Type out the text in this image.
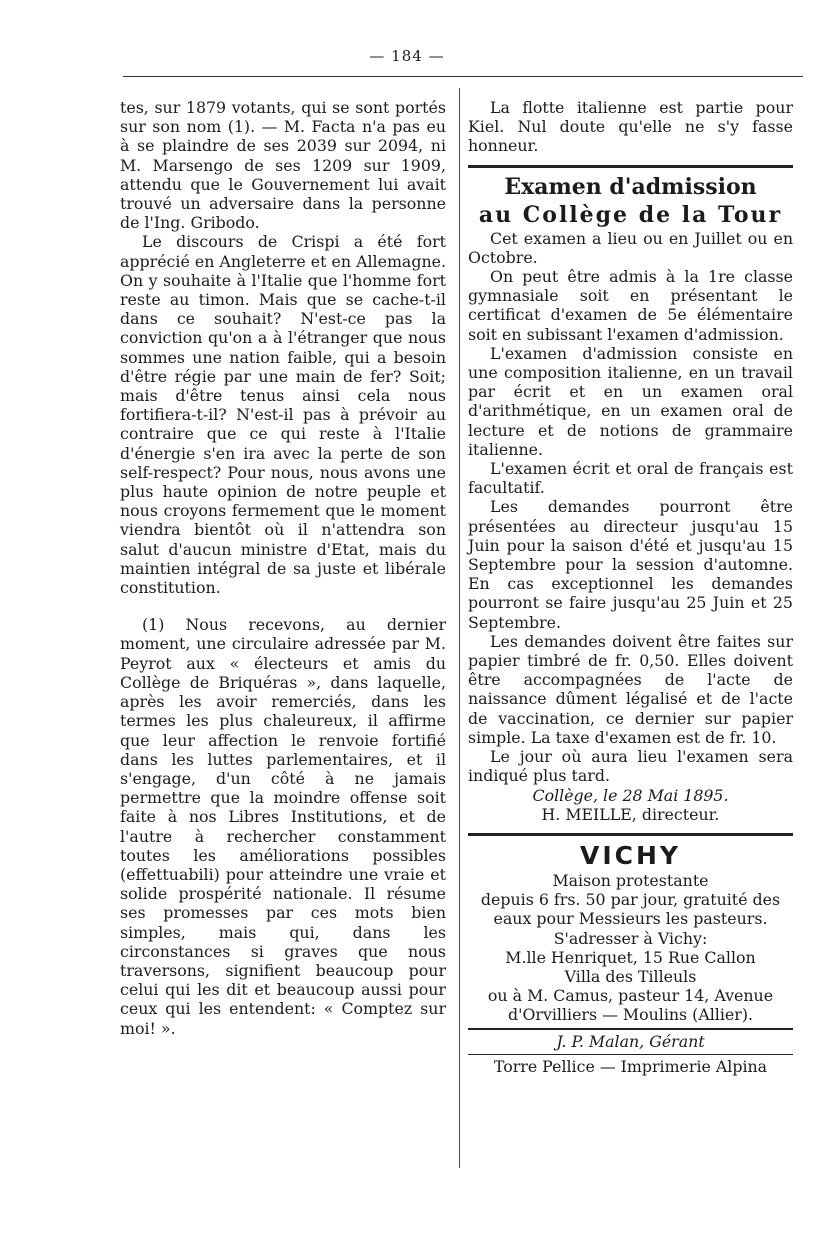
— 184 —

tes, sur 1879 votants, qui se sont portés sur son nom (1). — M. Facta n'a pas eu à se plaindre de ses 2039 sur 2094, ni M. Marsengo de ses 1209 sur 1909, attendu que le Gouvernement lui avait trouvé un adversaire dans la personne de l'Ing. Gribodo.

Le discours de Crispi a été fort apprécié en Angleterre et en Allemagne. On y souhaite à l'Italie que l'homme fort reste au timon. Mais que se cache-t-il dans ce souhait? N'est-ce pas la conviction qu'on a à l'étranger que nous sommes une nation faible, qui a besoin d'être régie par une main de fer? Soit; mais d'être tenus ainsi cela nous fortifiera-t-il? N'est-il pas à prévoir au contraire que ce qui reste à l'Italie d'énergie s'en ira avec la perte de son self-respect? Pour nous, nous avons une plus haute opinion de notre peuple et nous croyons fermement que le moment viendra bientôt où il n'attendra son salut d'aucun ministre d'Etat, mais du maintien intégral de sa juste et libérale constitution.

(1) Nous recevons, au dernier moment, une circulaire adressée par M. Peyrot aux « électeurs et amis du Collège de Briquéras », dans laquelle, après les avoir remerciés, dans les termes les plus chaleureux, il affirme que leur affection le renvoie fortifié dans les luttes parlementaires, et il s'engage, d'un côté à ne jamais permettre que la moindre offense soit faite à nos Libres Institutions, et de l'autre à rechercher constamment toutes les améliorations possibles (effettuabili) pour atteindre une vraie et solide prospérité nationale. Il résume ses promesses par ces mots bien simples, mais qui, dans les circonstances si graves que nous traversons, signifient beaucoup pour celui qui les dit et beaucoup aussi pour ceux qui les entendent: « Comptez sur moi! ».

La flotte italienne est partie pour Kiel. Nul doute qu'elle ne s'y fasse honneur.

Examen d'admission

au Collège de la Tour

Cet examen a lieu ou en Juillet ou en Octobre.

On peut être admis à la 1re classe gymnasiale soit en présentant le certificat d'examen de 5e élémentaire soit en subissant l'examen d'admission.

L'examen d'admission consiste en une composition italienne, en un travail par écrit et en un examen oral d'arithmétique, en un examen oral de lecture et de notions de grammaire italienne.

L'examen écrit et oral de français est facultatif.

Les demandes pourront être présentées au directeur jusqu'au 15 Juin pour la saison d'été et jusqu'au 15 Septembre pour la session d'automne. En cas exceptionnel les demandes pourront se faire jusqu'au 25 Juin et 25 Septembre.

Les demandes doivent être faites sur papier timbré de fr. 0,50. Elles doivent être accompagnées de l'acte de naissance dûment légalisé et de l'acte de vaccination, ce dernier sur papier simple. La taxe d'examen est de fr. 10.

Le jour où aura lieu l'examen sera indiqué plus tard.

Collège, le 28 Mai 1895.

H. MEILLE, directeur.

VICHY

Maison protestante

depuis 6 frs. 50 par jour, gratuité des eaux pour Messieurs les pasteurs.

S'adresser à Vichy:

M.lle Henriquet, 15 Rue Callon

Villa des Tilleuls

ou à M. Camus, pasteur 14, Avenue d'Orvilliers — Moulins (Allier).

J. P. Malan, Gérant

Torre Pellice — Imprimerie Alpina
